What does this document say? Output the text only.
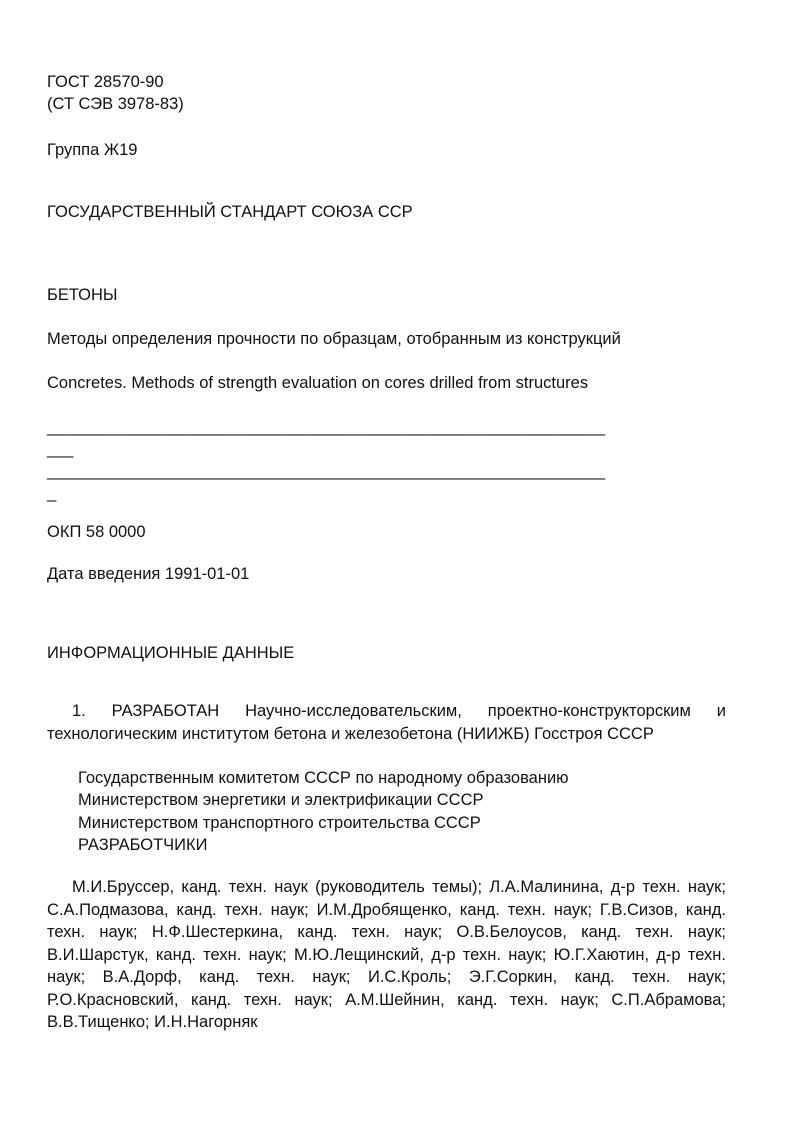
ГОСТ 28570-90

(СТ СЭВ 3978-83)

Группа Ж19

ГОСУДАРСТВЕННЫЙ СТАНДАРТ СОЮЗА ССР

БЕТОНЫ

Методы определения прочности по образцам, отобранным из конструкций

Concretes. Methods of strength evaluation on cores drilled from structures

_________________________________________________________________

___

_________________________________________________________________

_

ОКП 58 0000

Дата введения 1991-01-01

ИНФОРМАЦИОННЫЕ ДАННЫЕ

1. РАЗРАБОТАН Научно-исследовательским, проектно-конструкторским и технологическим институтом бетона и железобетона (НИИЖБ) Госстроя СССР

Государственным комитетом СССР по народному образованию

Министерством энергетики и электрификации СССР

Министерством транспортного строительства СССР

РАЗРАБОТЧИКИ

М.И.Бруссер, канд. техн. наук (руководитель темы); Л.А.Малинина, д-р техн. наук; С.А.Подмазова, канд. техн. наук; И.М.Дробященко, канд. техн. наук; Г.В.Сизов, канд. техн. наук; Н.Ф.Шестеркина, канд. техн. наук; О.В.Белоусов, канд. техн. наук; В.И.Шарстук, канд. техн. наук; М.Ю.Лещинский, д-р техн. наук; Ю.Г.Хаютин, д-р техн. наук; В.А.Дорф, канд. техн. наук; И.С.Кроль; Э.Г.Соркин, канд. техн. наук; Р.О.Красновский, канд. техн. наук; А.М.Шейнин, канд. техн. наук; С.П.Абрамова; В.В.Тищенко; И.Н.Нагорняк
